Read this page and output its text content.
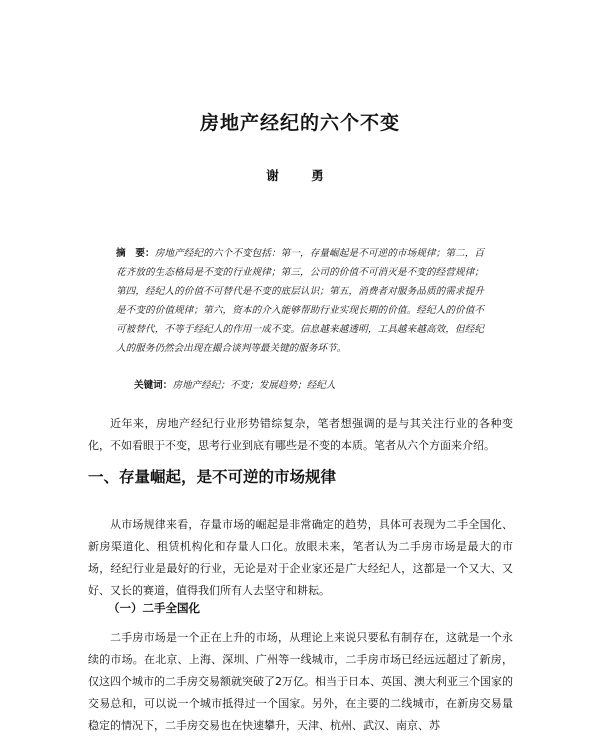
房地产经纪的六个不变
谢　勇
摘　要：房地产经纪的六个不变包括：第一，存量崛起是不可逆的市场规律；第二，百花齐放的生态格局是不变的行业规律；第三，公司的价值不可消灭是不变的经营规律；第四，经纪人的价值不可替代是不变的底层认识；第五，消费者对服务品质的需求提升是不变的价值规律；第六，资本的介入能够帮助行业实现长期的价值。经纪人的价值不可被替代，不等于经纪人的作用一成不变。信息越来越透明，工具越来越高效，但经纪人的服务仍然会出现在撮合谈判等最关键的服务环节。
关键词：房地产经纪；不变；发展趋势；经纪人
近年来，房地产经纪行业形势错综复杂，笔者想强调的是与其关注行业的各种变化，不如看眼于不变，思考行业到底有哪些是不变的本质。笔者从六个方面来介绍。
一、存量崛起，是不可逆的市场规律
从市场规律来看，存量市场的崛起是非常确定的趋势，具体可表现为二手全国化、新房渠道化、租赁机构化和存量人口化。放眼未来，笔者认为二手房市场是最大的市场，经纪行业是最好的行业，无论是对于企业家还是广大经纪人，这都是一个又大、又好、又长的赛道，值得我们所有人去坚守和耕耘。
（一）二手全国化
二手房市场是一个正在上升的市场，从理论上来说只要私有制存在，这就是一个永续的市场。在北京、上海、深圳、广州等一线城市，二手房市场已经远远超过了新房，仅这四个城市的二手房交易额就突破了2万亿。相当于日本、英国、澳大利亚三个国家的交易总和，可以说一个城市抵得过一个国家。另外，在主要的二线城市，在新房交易量稳定的情况下，二手房交易也在快速攀升，天津、杭州、武汉、南京、苏
